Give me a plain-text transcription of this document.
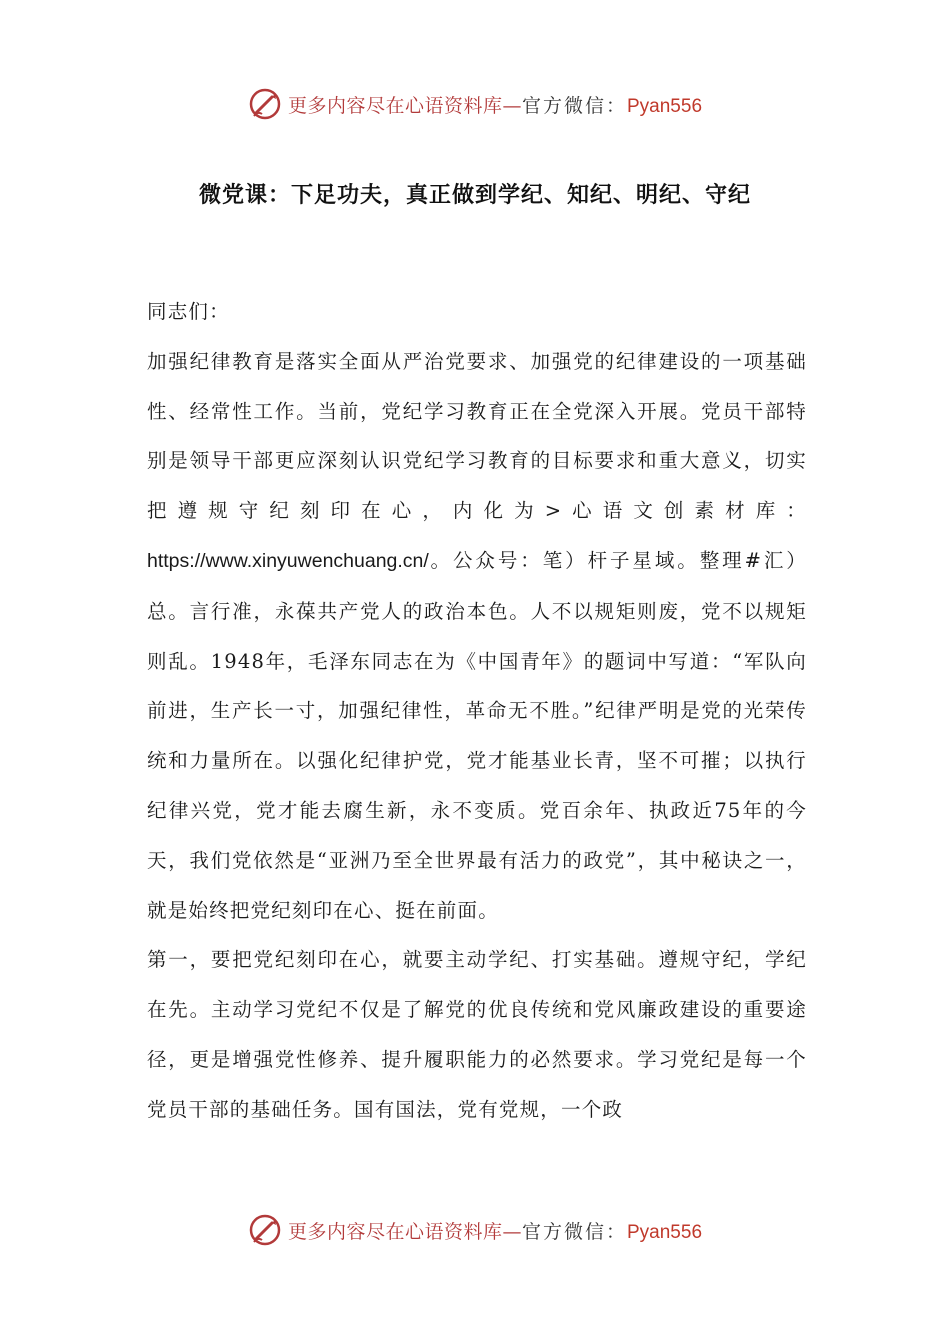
更多内容尽在心语资料库—官方微信：Pyan556
微党课：下足功夫，真正做到学纪、知纪、明纪、守纪

同志们：

加强纪律教育是落实全面从严治党要求、加强党的纪律建设的一项基础性、经常性工作。当前，党纪学习教育正在全党深入开展。党员干部特别是领导干部更应深刻认识党纪学习教育的目标要求和重大意义，切实把遵规守纪刻印在心，内化为>心语文创素材库：https://www.xinyuwenchuang.cn/。公众号：笔）杆子星域。整理#汇）总。言行准，永葆共产党人的政治本色。人不以规矩则废，党不以规矩则乱。1948年，毛泽东同志在为《中国青年》的题词中写道：“军队向前进，生产长一寸，加强纪律性，革命无不胜。”纪律严明是党的光荣传统和力量所在。以强化纪律护党，党才能基业长青，坚不可摧；以执行纪律兴党，党才能去腐生新，永不变质。党百余年、执政近75年的今天，我们党依然是“亚洲乃至全世界最有活力的政党”，其中秘诀之一，就是始终把党纪刻印在心、挺在前面。

第一，要把党纪刻印在心，就要主动学纪、打实基础。遵规守纪，学纪在先。主动学习党纪不仅是了解党的优良传统和党风廉政建设的重要途径，更是增强党性修养、提升履职能力的必然要求。学习党纪是每一个党员干部的基础任务。国有国法，党有党规，一个政

更多内容尽在心语资料库—官方微信：Pyan556
